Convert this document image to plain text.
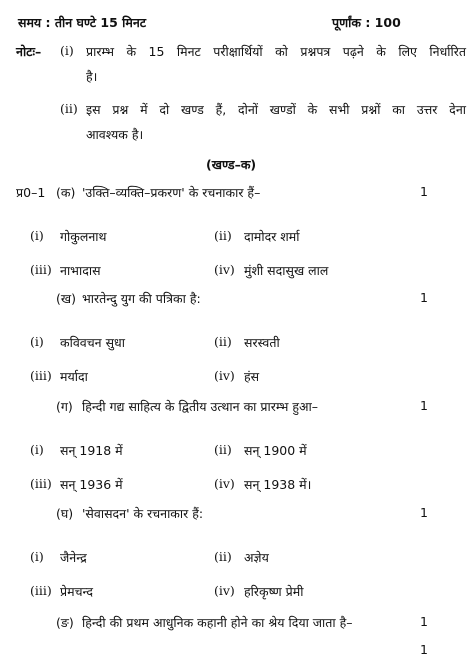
समय : तीन घण्टे 15 मिनट	पूर्णांक : 100
नोटः– (i) प्रारम्भ के 15 मिनट परीक्षार्थियों को प्रश्नपत्र पढ़ने के लिए निर्धारित
है।
(ii) इस प्रश्न में दो खण्ड हैं, दोनों खण्डों के सभी प्रश्नों का उत्तर देना
आवश्यक है।
(खण्ड–क)
प्र0–1 (क) 'उक्ति–व्यक्ति–प्रकरण' के रचनाकार हैं–	1
(i) गोकुलनाथ	(ii) दामोदर शर्मा
(iii) नाभादास	(iv) मुंशी सदासुख लाल
(ख) भारतेन्दु युग की पत्रिका है:	1
(i) कविवचन सुधा	(ii) सरस्वती
(iii) मर्यादा	(iv) हंस
(ग) हिन्दी गद्य साहित्य के द्वितीय उत्थान का प्रारम्भ हुआ–	1
(i) सन् 1918 में	(ii) सन् 1900 में
(iii) सन् 1936 में	(iv) सन् 1938 में।
(घ) 'सेवासदन' के रचनाकार हैं:	1
(i) जैनेन्द्र	(ii) अज्ञेय
(iii) प्रेमचन्द	(iv) हरिकृष्ण प्रेमी
(ङ) हिन्दी की प्रथम आधुनिक कहानी होने का श्रेय दिया जाता है–	1
1
